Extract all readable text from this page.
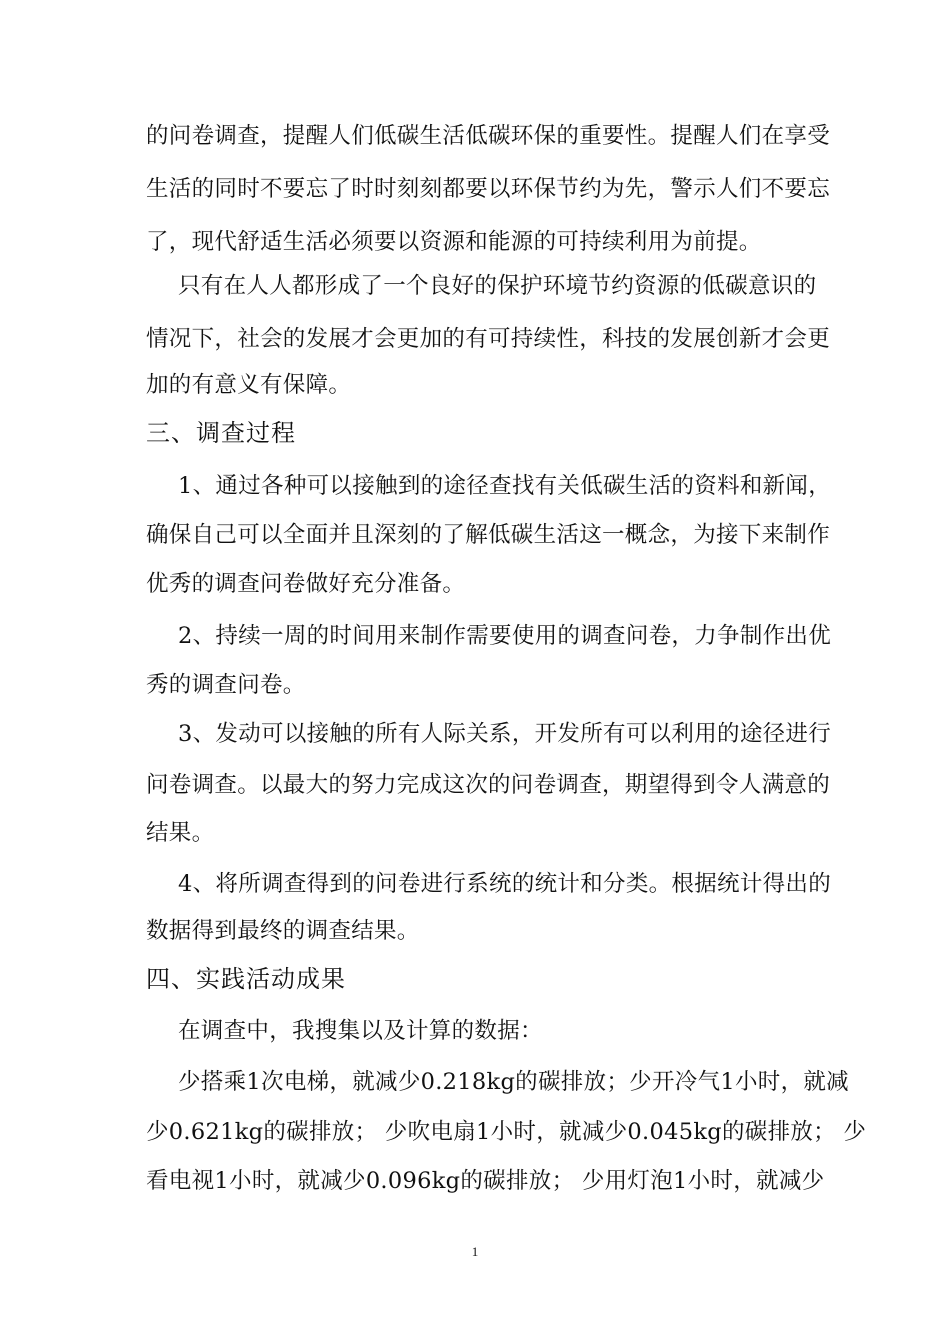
的问卷调查，提醒人们低碳生活低碳环保的重要性。提醒人们在享受
生活的同时不要忘了时时刻刻都要以环保节约为先，警示人们不要忘
了，现代舒适生活必须要以资源和能源的可持续利用为前提。
只有在人人都形成了一个良好的保护环境节约资源的低碳意识的
情况下，社会的发展才会更加的有可持续性，科技的发展创新才会更
加的有意义有保障。
三、调查过程
1、通过各种可以接触到的途径查找有关低碳生活的资料和新闻，
确保自己可以全面并且深刻的了解低碳生活这一概念，为接下来制作
优秀的调查问卷做好充分准备。
2、持续一周的时间用来制作需要使用的调查问卷，力争制作出优
秀的调查问卷。
3、发动可以接触的所有人际关系，开发所有可以利用的途径进行
问卷调查。以最大的努力完成这次的问卷调查，期望得到令人满意的
结果。
4、将所调查得到的问卷进行系统的统计和分类。根据统计得出的
数据得到最终的调查结果。
四、实践活动成果
在调查中，我搜集以及计算的数据：
少搭乘1次电梯，就减少0.218kg的碳排放；少开冷气1小时，就减
少0.621kg的碳排放； 少吹电扇1小时，就减少0.045kg的碳排放； 少
看电视1小时，就减少0.096kg的碳排放； 少用灯泡1小时，就减少
1
